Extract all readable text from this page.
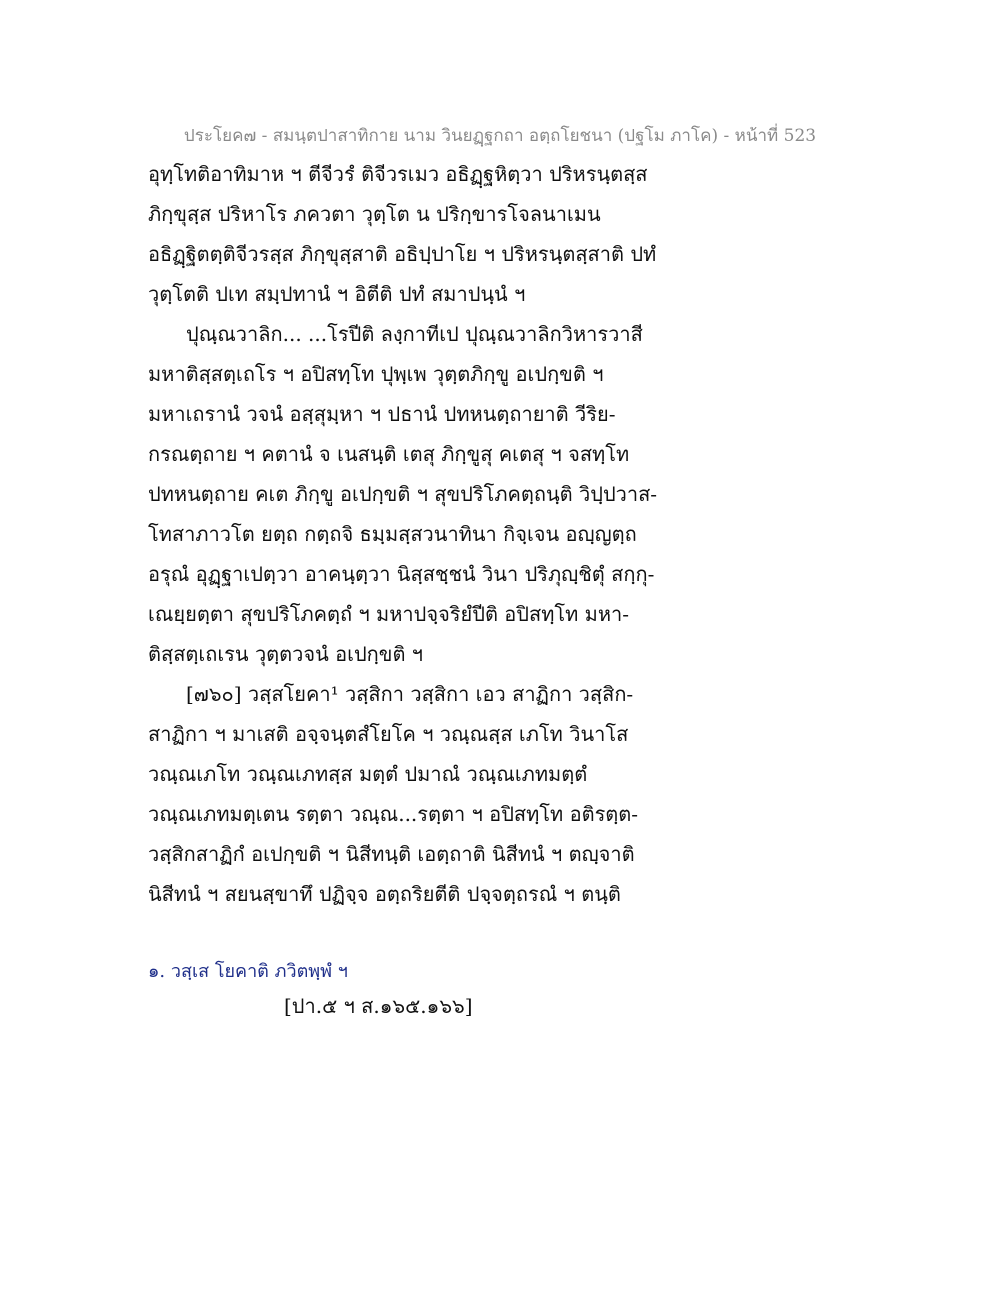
ประโยค๗ - สมนฺตปาสาทิกาย นาม วินยฏฺฐกถา อตฺถโยชนา (ปฐโม ภาโค) - หน้าที่ 523
อุทฺโทติอาทิมาห ฯ ตีจีวรํ ติจีวรเมว อธิฏฺฐหิตฺวา ปริหรนฺตสฺส
ภิกฺขุสฺส ปริหาโร ภควตา วุตฺโต น ปริกฺขารโจลนาเมน
อธิฏฺฐิตตฺติจีวรสฺส ภิกฺขุสฺสาติ อธิปฺปาโย ฯ ปริหรนฺตสฺสาติ ปทํ
วุตฺโตติ ปเท สมฺปทานํ ฯ อิตีติ ปทํ สมาปนฺนํ ฯ
ปุณฺณวาลิก... ...โรปีติ ลงฺกาทีเป ปุณฺณวาลิกวิหารวาสี
มหาติสฺสตฺเถโร ฯ อปิสทฺโท ปุพฺเพ วุตฺตภิกฺขู อเปกฺขติ ฯ
มหาเถรานํ วจนํ อสฺสุมฺหา ฯ ปธานํ ปทหนตฺถายาติ วีริย-
กรณตฺถาย ฯ คตานํ จ เนสนฺติ เตสุ ภิกฺขูสุ คเตสุ ฯ จสทฺโท
ปทหนตฺถาย คเต ภิกฺขู อเปกฺขติ ฯ สุขปริโภคตฺถนฺติ วิปฺปวาส-
โทสาภาวโต ยตฺถ กตฺถจิ ธมฺมสฺสวนาทินา กิจฺเจน อญฺญตฺถ
อรุณํ อุฏฺฐาเปตฺวา อาคนฺตฺวา นิสฺสชฺชนํ วินา ปริภุญฺชิตุํ สกฺกุ-
เณยฺยตฺตา สุขปริโภคตฺถํ ฯ มหาปจฺจริยํปีติ อปิสทฺโท มหา-
ติสฺสตฺเถเรน วุตฺตวจนํ อเปกฺขติ ฯ
[๗๖๐] วสฺสโยคา¹ วสฺสิกา วสฺสิกา เอว สาฏิกา วสฺสิก-
สาฏิกา ฯ มาเสติ อจฺจนฺตสํโยโค ฯ วณฺณสฺส เภโท วินาโส
วณฺณเภโท วณฺณเภทสฺส มตฺตํ ปมาณํ วณฺณเภทมตฺตํ
วณฺณเภทมตฺเตน รตฺตา วณฺณ...รตฺตา ฯ อปิสทฺโท อติรตฺต-
วสฺสิกสาฏิกํ อเปกฺขติ ฯ นิสีทนฺติ เอตฺถาติ นิสีทนํ ฯ ตญฺจาติ
นิสีทนํ ฯ สยนสฺขาทึ ปฏิจฺจ อตฺถริยตีติ ปจฺจตฺถรณํ ฯ ตนฺติ
๑. วสฺเส โยคาติ ภวิตพฺพํ ฯ
[ปา.๕ ฯ ส.๑๖๕.๑๖๖]
